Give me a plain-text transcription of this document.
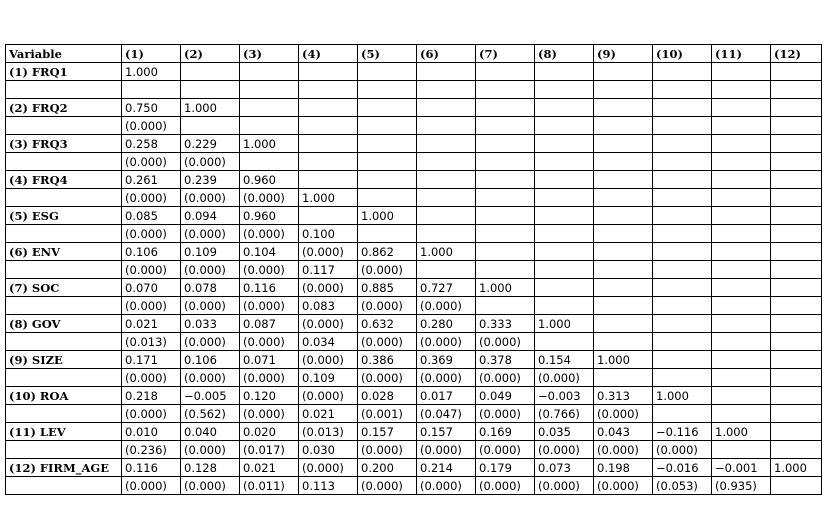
Variable	(1)	(2)	(3)	(4)	(5)	(6)	(7)	(8)	(9)	(10)	(11)	(12)
(1) FRQ1	1.000											

(2) FRQ2	0.750	1.000										
	(0.000)											
(3) FRQ3	0.258	0.229	1.000									
	(0.000)	(0.000)										
(4) FRQ4	0.261	0.239	0.960									
	(0.000)	(0.000)	(0.000)	1.000								
(5) ESG	0.085	0.094	0.960		1.000							
	(0.000)	(0.000)	(0.000)	0.100								
(6) ENV	0.106	0.109	0.104	(0.000)	0.862	1.000						
	(0.000)	(0.000)	(0.000)	0.117	(0.000)							
(7) SOC	0.070	0.078	0.116	(0.000)	0.885	0.727	1.000					
	(0.000)	(0.000)	(0.000)	0.083	(0.000)	(0.000)						
(8) GOV	0.021	0.033	0.087	(0.000)	0.632	0.280	0.333	1.000				
	(0.013)	(0.000)	(0.000)	0.034	(0.000)	(0.000)	(0.000)					
(9) SIZE	0.171	0.106	0.071	(0.000)	0.386	0.369	0.378	0.154	1.000			
	(0.000)	(0.000)	(0.000)	0.109	(0.000)	(0.000)	(0.000)	(0.000)				
(10) ROA	0.218	−0.005	0.120	(0.000)	0.028	0.017	0.049	−0.003	0.313	1.000		
	(0.000)	(0.562)	(0.000)	0.021	(0.001)	(0.047)	(0.000)	(0.766)	(0.000)			
(11) LEV	0.010	0.040	0.020	(0.013)	0.157	0.157	0.169	0.035	0.043	−0.116	1.000	
	(0.236)	(0.000)	(0.017)	0.030	(0.000)	(0.000)	(0.000)	(0.000)	(0.000)	(0.000)		
(12) FIRM_AGE	0.116	0.128	0.021	(0.000)	0.200	0.214	0.179	0.073	0.198	−0.016	−0.001	1.000
	(0.000)	(0.000)	(0.011)	0.113	(0.000)	(0.000)	(0.000)	(0.000)	(0.000)	(0.053)	(0.935)	
